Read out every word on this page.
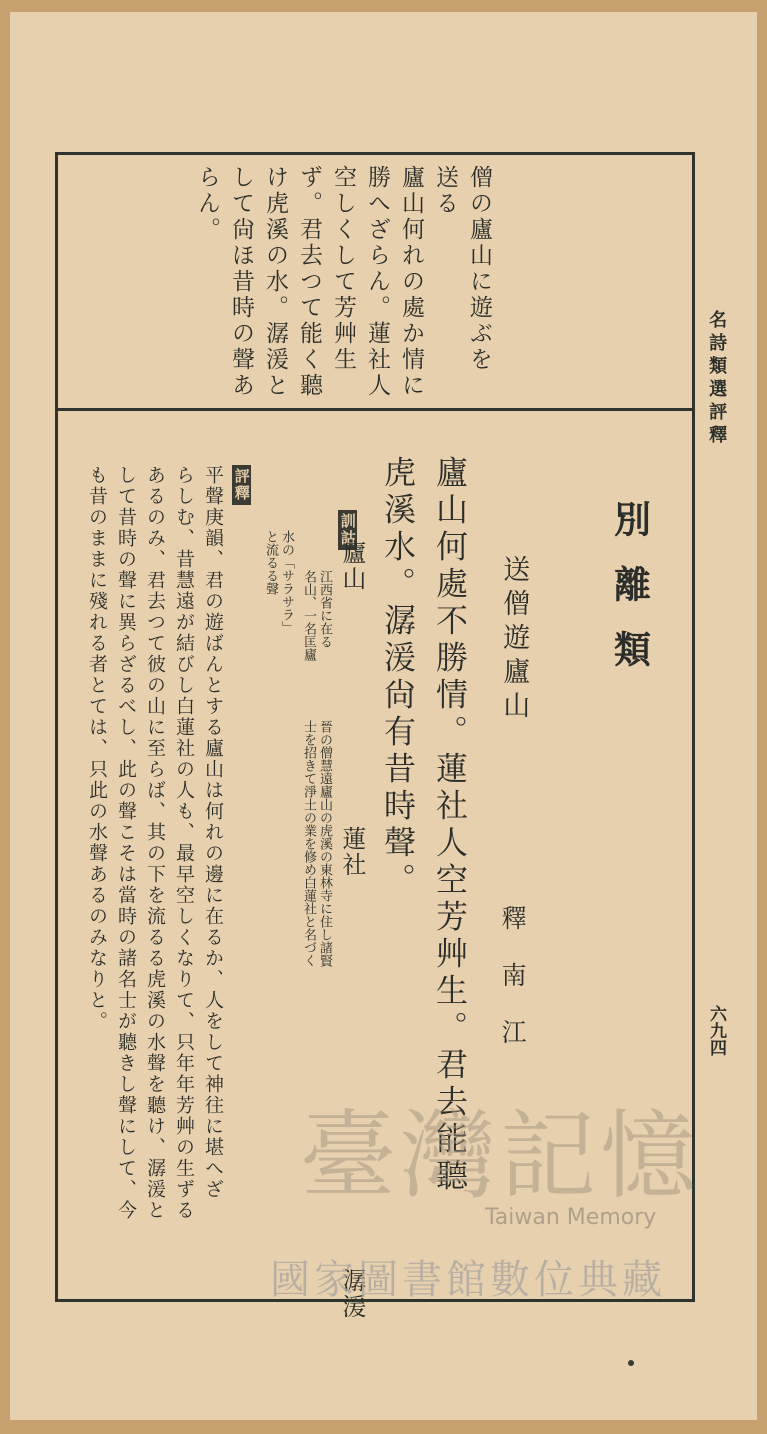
名詩類選評釋
六九四
僧の廬山に遊ぶを
送る
廬山何れの處か情に
勝へざらん。蓮社人
空しくして芳艸生
ず。君去つて能く聽
け虎溪の水。潺湲と
して尙ほ昔時の聲あ
らん。
別離類
送僧遊廬山
釋南江

廬山何處不勝情。蓮社人空芳艸生。君去能聽
虎溪水。潺湲尙有昔時聲。

訓詁

廬山　　　　　　　　　蓮社　　　　　　　　　　　　　　　潺湲
江西省に在る
名山、一名匡廬
晉の僧慧遠廬山の虎溪の東林寺に住し諸賢
士を招きて淨土の業を修め白蓮社と名づく
水の「サラサラ」
と流るる聲

評釋

平聲庚韻、君の遊ばんとする廬山は何れの邊に在るか、人をして神往に堪へざ
らしむ、昔慧遠が結びし白蓮社の人も、最早空しくなりて、只年年芳艸の生ずる
あるのみ、君去つて彼の山に至らば、其の下を流るる虎溪の水聲を聽け、潺湲と
して昔時の聲に異らざるべし、此の聲こそは當時の諸名士が聽きし聲にして、今
も昔のままに殘れる者とては、只此の水聲あるのみなりと。
臺灣記憶
Taiwan Memory
國家圖書館數位典藏
